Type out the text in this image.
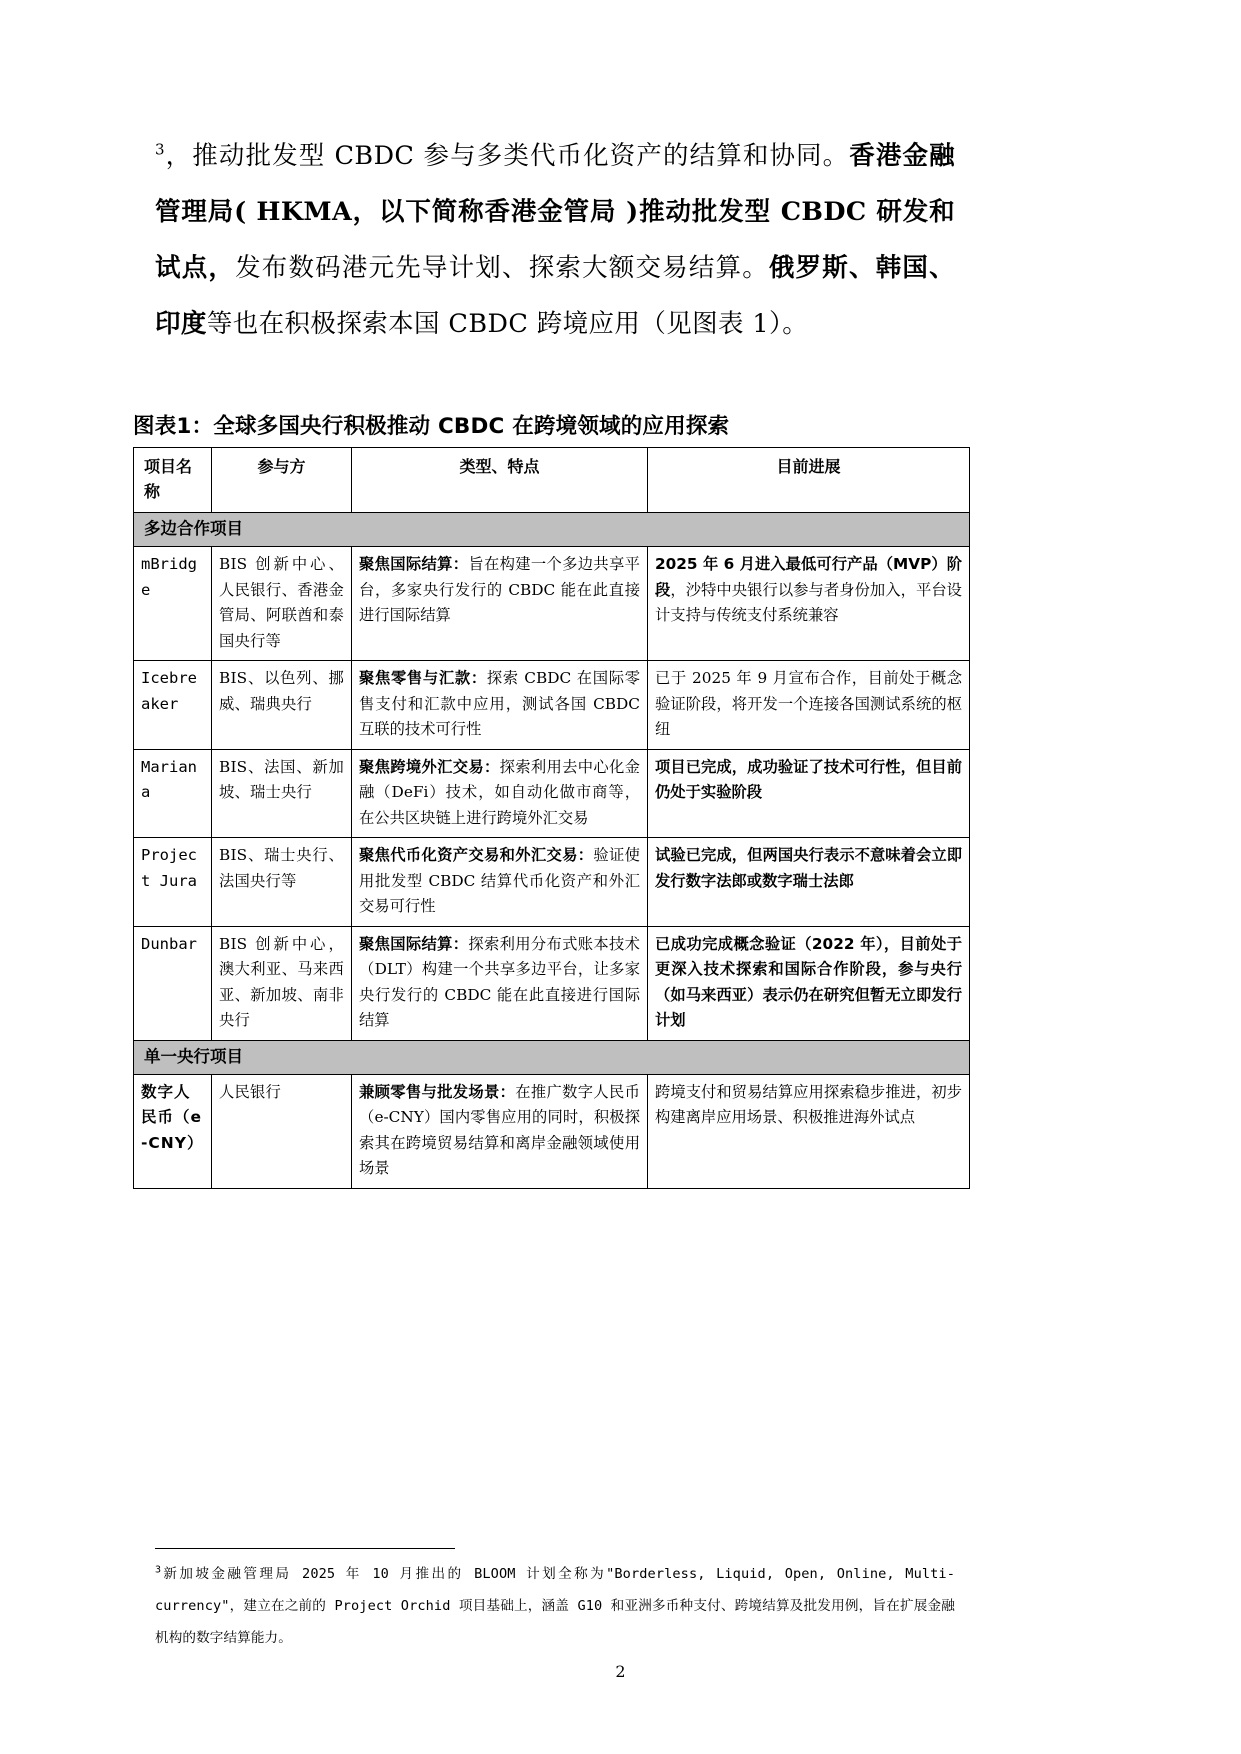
$^3$，推动批发型 CBDC 参与多类代币化资产的结算和协同。香港金融管理局( HKMA，以下简称香港金管局 )推动批发型 CBDC 研发和试点，发布数码港元先导计划、探索大额交易结算。俄罗斯、韩国、印度等也在积极探索本国 CBDC 跨境应用（见图表 1）。
图表1：全球多国央行积极推动 CBDC 在跨境领域的应用探索
项目名称	参与方	类型、特点	目前进展
多边合作项目			
mBridge	BIS 创新中心、人民银行、香港金管局、阿联酋和泰国央行等	聚焦国际结算：旨在构建一个多边共享平台，多家央行发行的 CBDC 能在此直接进行国际结算	2025 年 6 月进入最低可行产品（MVP）阶段，沙特中央银行以参与者身份加入，平台设计支持与传统支付系统兼容
Icebreaker	BIS、以色列、挪威、瑞典央行	聚焦零售与汇款：探索 CBDC 在国际零售支付和汇款中应用，测试各国 CBDC 互联的技术可行性	已于 2025 年 9 月宣布合作，目前处于概念验证阶段，将开发一个连接各国测试系统的枢纽
Mariana	BIS、法国、新加坡、瑞士央行	聚焦跨境外汇交易：探索利用去中心化金融（DeFi）技术，如自动化做市商等，在公共区块链上进行跨境外汇交易	项目已完成，成功验证了技术可行性，但目前仍处于实验阶段
Project Jura	BIS、瑞士央行、法国央行等	聚焦代币化资产交易和外汇交易：验证使用批发型 CBDC 结算代币化资产和外汇交易可行性	试验已完成，但两国央行表示不意味着会立即发行数字法郎或数字瑞士法郎
Dunbar	BIS 创新中心，澳大利亚、马来西亚、新加坡、南非央行	聚焦国际结算：探索利用分布式账本技术（DLT）构建一个共享多边平台，让多家央行发行的 CBDC 能在此直接进行国际结算	已成功完成概念验证（2022 年），目前处于更深入技术探索和国际合作阶段，参与央行（如马来西亚）表示仍在研究但暂无立即发行计划
单一央行项目			
数字人民币（e-CNY）	人民银行	兼顾零售与批发场景：在推广数字人民币（e-CNY）国内零售应用的同时，积极探索其在跨境贸易结算和离岸金融领域使用场景	跨境支付和贸易结算应用探索稳步推进，初步构建离岸应用场景、积极推进海外试点
$^3$新加坡金融管理局 2025 年 10 月推出的 BLOOM 计划全称为"Borderless, Liquid, Open, Online, Multi-currency"，建立在之前的 Project Orchid 项目基础上，涵盖 G10 和亚洲多币种支付、跨境结算及批发用例，旨在扩展金融机构的数字结算能力。
2
